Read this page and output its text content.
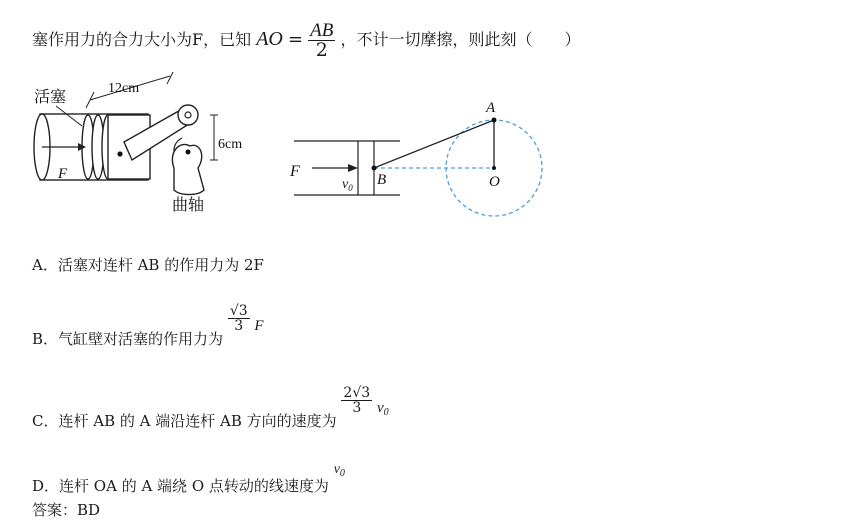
塞作用力的合力大小为F，已知 AO = $\frac{AB}{2}$ ，不计一切摩擦，则此刻（　　）
12cm
6cm
活塞
F
曲轴
F
$v_0$ B
A
O
A．活塞对连杆 AB 的作用力为 2F
B．气缸壁对活塞的作用力为
$\frac{√3}{3}$ F
C．连杆 AB 的 A 端沿连杆 AB 方向的速度为
$\frac{2√3}{3} v_0$
D．连杆 OA 的 A 端绕 O 点转动的线速度为 $v_0$
答案：BD
